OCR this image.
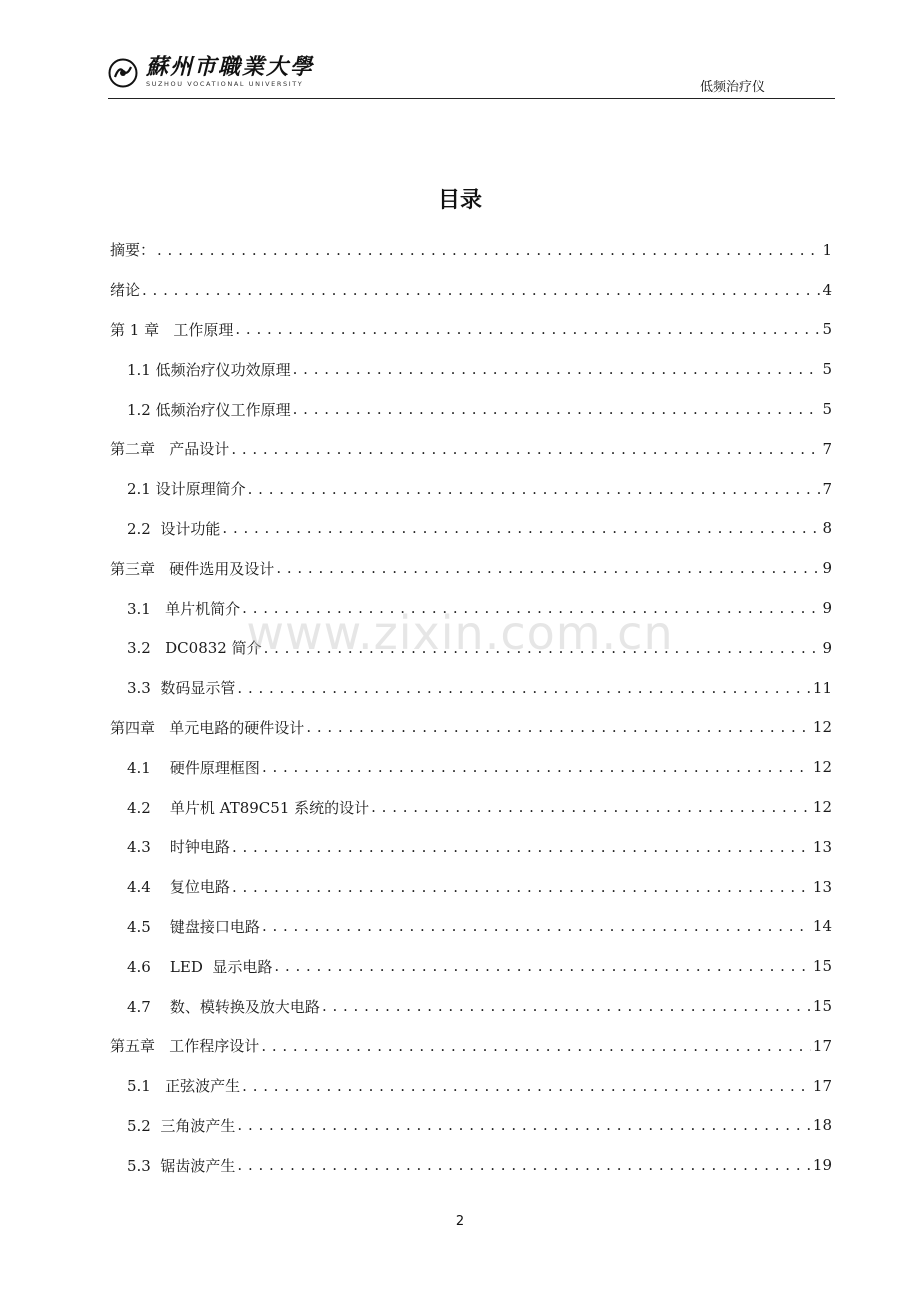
蘇州市職業大學
SUZHOU VOCATIONAL UNIVERSITY	低频治疗仪
目录
摘要： . . .	1
绪论 . . .	4
第 1 章   工作原理 . . .	5
1.1 低频治疗仪功效原理 . . .	5
1.2 低频治疗仪工作原理 . . .	5
第二章   产品设计 . . .	7
2.1 设计原理简介 . . .	7
2.2  设计功能 . . .	8
第三章   硬件选用及设计 . . .	9
3.1   单片机简介 . . .	9
3.2   DC0832 简介 . . .	9
3.3  数码显示管 . . .	11
第四章   单元电路的硬件设计 . . .	12
4.1    硬件原理框图 . . .	12
4.2    单片机 AT89C51 系统的设计 . . .	12
4.3    时钟电路 . . .	13
4.4    复位电路 . . .	13
4.5    键盘接口电路 . . .	14
4.6    LED  显示电路 . . .	15
4.7    数、模转换及放大电路 . . .	15
第五章   工作程序设计 . . .	17
5.1   正弦波产生 . . .	17
5.2  三角波产生 . . .	18
5.3  锯齿波产生 . . .	19
www.zixin.com.cn
2
